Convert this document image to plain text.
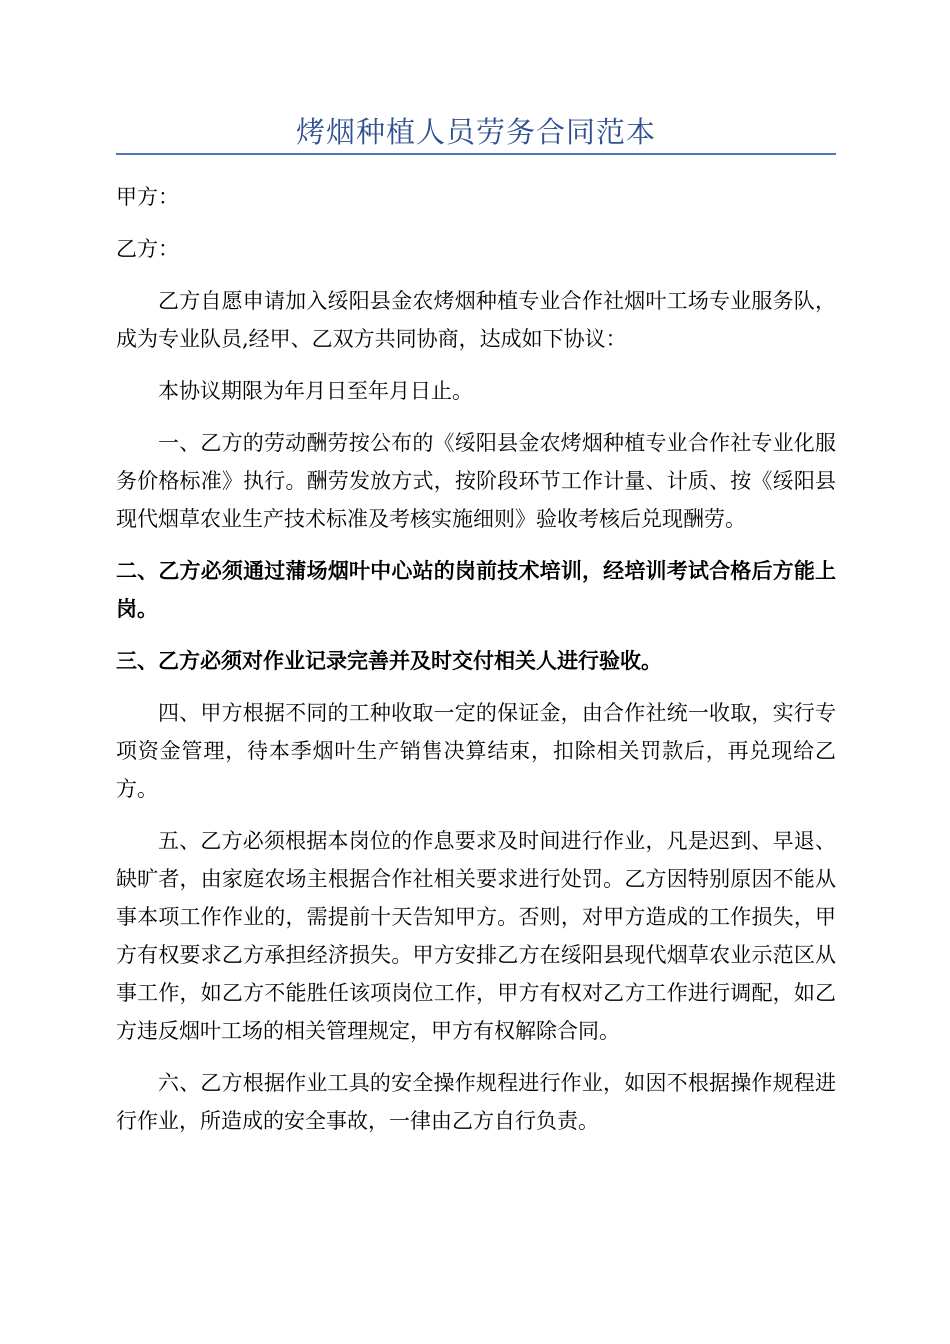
烤烟种植人员劳务合同范本

甲方：

乙方：

乙方自愿申请加入绥阳县金农烤烟种植专业合作社烟叶工场专业服务队，成为专业队员,经甲、乙双方共同协商，达成如下协议：

本协议期限为年月日至年月日止。

一、乙方的劳动酬劳按公布的《绥阳县金农烤烟种植专业合作社专业化服务价格标准》执行。酬劳发放方式，按阶段环节工作计量、计质、按《绥阳县现代烟草农业生产技术标准及考核实施细则》验收考核后兑现酬劳。

二、乙方必须通过蒲场烟叶中心站的岗前技术培训，经培训考试合格后方能上岗。

三、乙方必须对作业记录完善并及时交付相关人进行验收。

四、甲方根据不同的工种收取一定的保证金，由合作社统一收取，实行专项资金管理，待本季烟叶生产销售决算结束，扣除相关罚款后，再兑现给乙方。

五、乙方必须根据本岗位的作息要求及时间进行作业，凡是迟到、早退、缺旷者，由家庭农场主根据合作社相关要求进行处罚。乙方因特别原因不能从事本项工作作业的，需提前十天告知甲方。否则，对甲方造成的工作损失，甲方有权要求乙方承担经济损失。甲方安排乙方在绥阳县现代烟草农业示范区从事工作，如乙方不能胜任该项岗位工作，甲方有权对乙方工作进行调配，如乙方违反烟叶工场的相关管理规定，甲方有权解除合同。

六、乙方根据作业工具的安全操作规程进行作业，如因不根据操作规程进行作业，所造成的安全事故，一律由乙方自行负责。
